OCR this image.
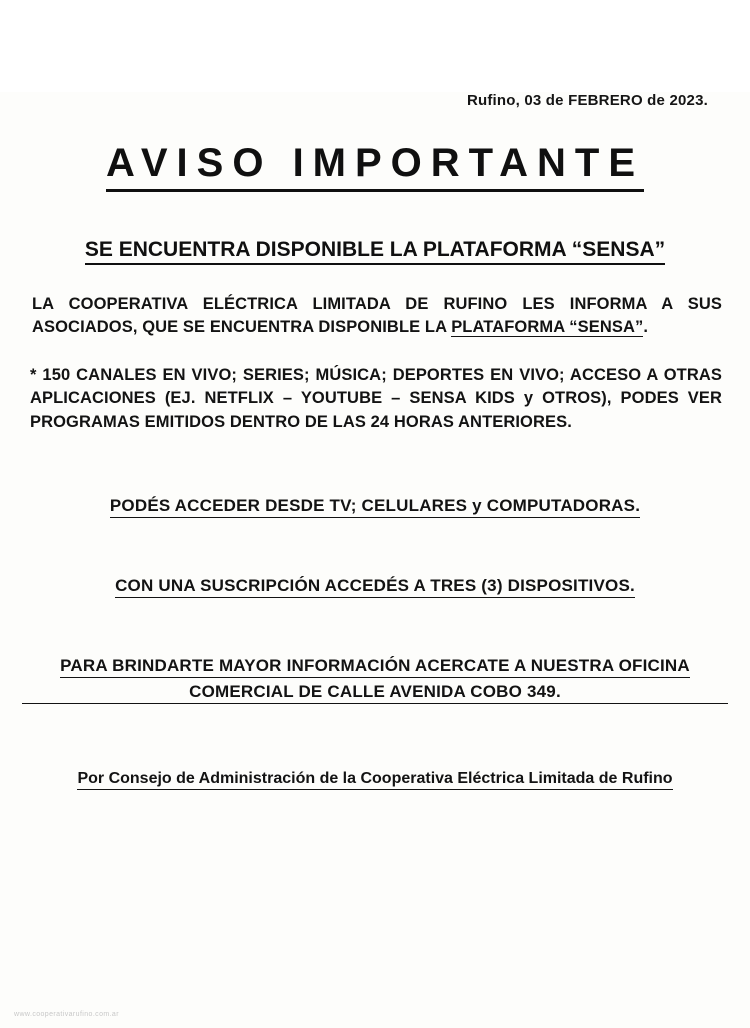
Rufino, 03 de FEBRERO de 2023.
AVISO IMPORTANTE
SE ENCUENTRA DISPONIBLE LA PLATAFORMA “SENSA”

LA COOPERATIVA ELÉCTRICA LIMITADA DE RUFINO LES INFORMA A SUS ASOCIADOS, QUE SE ENCUENTRA DISPONIBLE LA PLATAFORMA “SENSA”.

* 150 CANALES EN VIVO; SERIES; MÚSICA; DEPORTES EN VIVO; ACCESO A OTRAS APLICACIONES (EJ. NETFLIX – YOUTUBE – SENSA KIDS y OTROS), PODES VER PROGRAMAS EMITIDOS DENTRO DE LAS 24 HORAS ANTERIORES.

PODÉS ACCEDER DESDE TV; CELULARES y COMPUTADORAS.
CON UNA SUSCRIPCIÓN ACCEDÉS A TRES (3) DISPOSITIVOS.
PARA BRINDARTE MAYOR INFORMACIÓN ACERCATE A NUESTRA OFICINA
COMERCIAL DE CALLE AVENIDA COBO 349.
Por Consejo de Administración de la Cooperativa Eléctrica Limitada de Rufino
www.cooperativarufino.com.ar
